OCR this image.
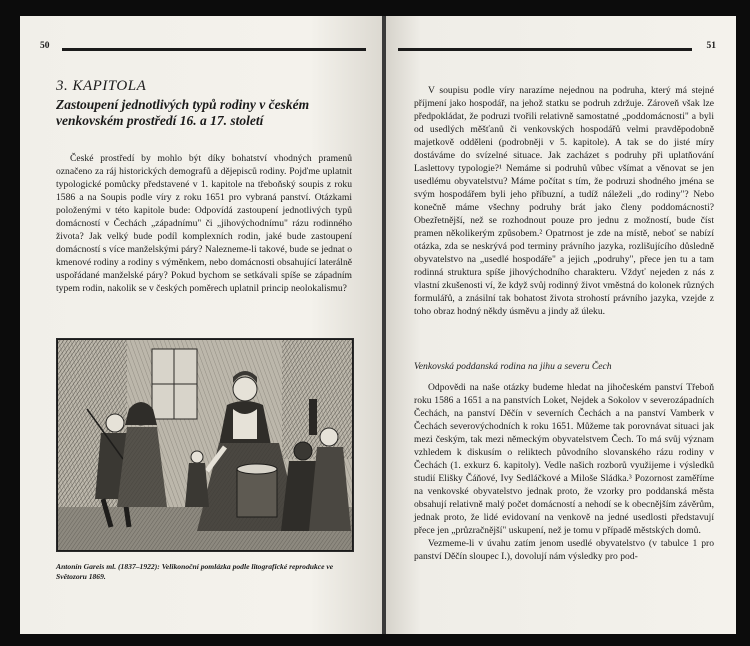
50
3. KAPITOLA
Zastoupení jednotlivých typů rodiny v českém venkovském prostředí 16. a 17. století

České prostředí by mohlo být díky bohatství vhodných pramenů označeno za ráj historických demografů a dějepisců rodiny. Pojďme uplatnit typologické pomůcky představené v 1. kapitole na třeboňský soupis z roku 1586 a na Soupis podle víry z roku 1651 pro vybraná panství. Otázkami položenými v této kapitole bude: Odpovídá zastoupení jednotlivých typů domácností v Čechách „západnímu" či „jihovýchodnímu" rázu rodinného života? Jak velký bude podíl komplexních rodin, jaké bude zastoupení domácností s více manželskými páry? Nalezneme-li takové, bude se jednat o kmenové rodiny a rodiny s výměnkem, nebo domácnosti obsahující laterálně uspořádané manželské páry? Pokud bychom se setkávali spíše se západním typem rodin, nakolik se v českých poměrech uplatnil princip neolokalismu?

Antonín Gareis ml. (1837–1922): Velikonoční pomlázka podle litografické reprodukce ve Světozoru 1869.
51

V soupisu podle víry narazíme nejednou na podruha, který má stejné příjmení jako hospodář, na jehož statku se podruh zdržuje. Zároveň však lze předpokládat, že podruzi tvořili relativně samostatné „poddomácnosti" a byli od usedlých měšťanů či venkovských hospodářů velmi pravděpodobně majetkově odděleni (podrobněji v 5. kapitole). A tak se do jisté míry dostáváme do svízelné situace. Jak zacházet s podruhy při uplatňování Laslettovy typologie?¹ Nemáme si podruhů vůbec všímat a věnovat se jen usedlému obyvatelstvu? Máme počítat s tím, že podruzi shodného jména se svým hospodářem byli jeho příbuzní, a tudíž náleželi „do rodiny"? Nebo konečně máme všechny podruhy brát jako členy poddomácnosti? Obezřetnější, než se rozhodnout pouze pro jednu z možností, bude číst pramen několikerým způsobem.² Opatrnost je zde na místě, neboť se nabízí otázka, zda se neskrývá pod terminy právního jazyka, rozlišujícího důsledně obyvatelstvo na „usedlé hospodáře" a jejich „podruhy", přece jen tu a tam rodinná struktura spíše jihovýchodního charakteru. Vždyť nejeden z nás z vlastní zkušenosti ví, že když svůj rodinný život vměstná do kolonek různých formulářů, a znásilní tak bohatost života strohostí právního jazyka, vzejde z toho obraz hodný někdy úsměvu a jindy až úleku.

Venkovská poddanská rodina na jihu a severu Čech

Odpovědi na naše otázky budeme hledat na jihočeském panství Třeboň roku 1586 a 1651 a na panstvích Loket, Nejdek a Sokolov v severozápadních Čechách, na panství Děčín v severních Čechách a na panství Vamberk v Čechách severovýchodních k roku 1651. Můžeme tak porovnávat situaci jak mezi českým, tak mezi německým obyvatelstvem Čech. To má svůj význam vzhledem k diskusím o reliktech původního slovanského rázu rodiny v Čechách (1. exkurz 6. kapitoly). Vedle našich rozborů využijeme i výsledků studií Elišky Čáňové, Ivy Sedláčkové a Miloše Sládka.³ Pozornost zaměříme na venkovské obyvatelstvo jednak proto, že vzorky pro poddanská města obsahují relativně malý počet domácností a nehodí se k obecnějším závěrům, jednak proto, že lidé evidovaní na venkově na jedné usedlosti představují přece jen „průzračnější" uskupení, než je tomu v případě městských domů.

Vezmeme-li v úvahu zatím jenom usedlé obyvatelstvo (v tabulce 1 pro panství Děčín sloupec I.), dovolují nám výsledky pro pod-
